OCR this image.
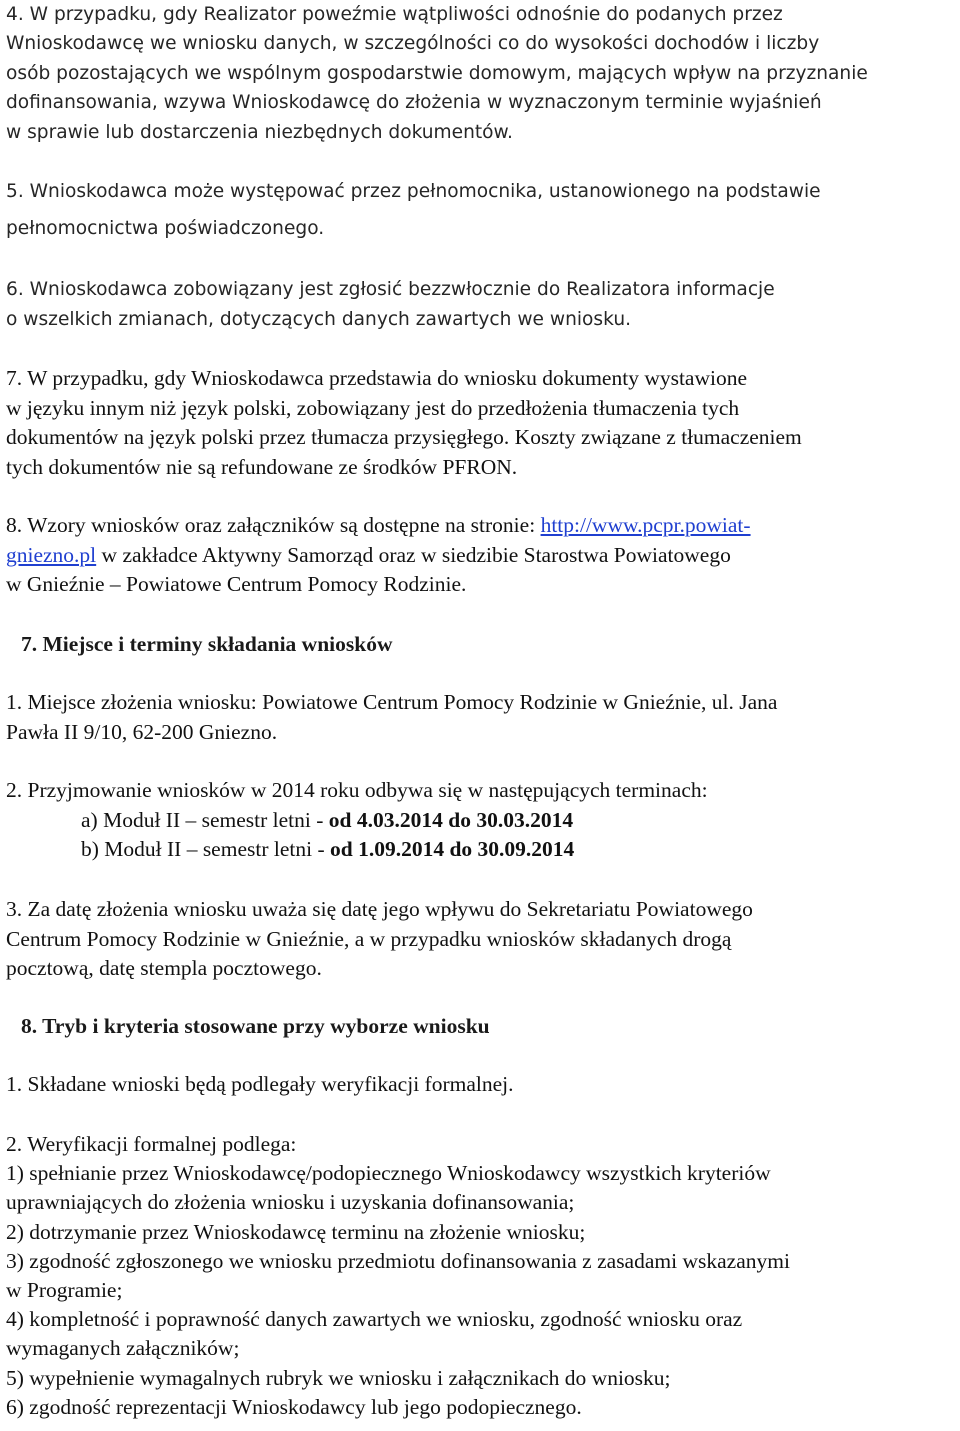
4. W przypadku, gdy Realizator poweźmie wątpliwości odnośnie do podanych przez

Wnioskodawcę we wniosku danych, w szczególności co do wysokości dochodów i liczby

osób pozostających we wspólnym gospodarstwie domowym, mających wpływ na przyznanie

dofinansowania, wzywa Wnioskodawcę do złożenia w wyznaczonym terminie wyjaśnień

w sprawie lub dostarczenia niezbędnych dokumentów.

5. Wnioskodawca może występować przez pełnomocnika, ustanowionego na podstawie

pełnomocnictwa poświadczonego.

6. Wnioskodawca zobowiązany jest zgłosić bezzwłocznie do Realizatora informacje

o wszelkich zmianach, dotyczących danych zawartych we wniosku.

7. W przypadku, gdy Wnioskodawca przedstawia do wniosku dokumenty wystawione

w języku innym niż język polski, zobowiązany jest do przedłożenia tłumaczenia tych

dokumentów na język polski przez tłumacza przysięgłego. Koszty związane z tłumaczeniem

tych dokumentów nie są refundowane ze środków PFRON.

8. Wzory wniosków oraz załączników są dostępne na stronie: http://www.pcpr.powiat-

gniezno.pl w zakładce Aktywny Samorząd oraz w siedzibie Starostwa Powiatowego

w Gnieźnie – Powiatowe Centrum Pomocy Rodzinie.

7. Miejsce i terminy składania wniosków

1. Miejsce złożenia wniosku: Powiatowe Centrum Pomocy Rodzinie w Gnieźnie, ul. Jana

Pawła II 9/10, 62-200 Gniezno.

2. Przyjmowanie wniosków w 2014 roku odbywa się w następujących terminach:

a) Moduł II – semestr letni - od 4.03.2014 do 30.03.2014

b) Moduł II – semestr letni - od 1.09.2014 do 30.09.2014

3. Za datę złożenia wniosku uważa się datę jego wpływu do Sekretariatu Powiatowego

Centrum Pomocy Rodzinie w Gnieźnie, a w przypadku wniosków składanych drogą

pocztową, datę stempla pocztowego.

8. Tryb i kryteria stosowane przy wyborze wniosku
1. Składane wnioski będą podlegały weryfikacji formalnej.

2. Weryfikacji formalnej podlega:

1) spełnianie przez Wnioskodawcę/podopiecznego Wnioskodawcy wszystkich kryteriów

uprawniających do złożenia wniosku i uzyskania dofinansowania;

2) dotrzymanie przez Wnioskodawcę terminu na złożenie wniosku;

3) zgodność zgłoszonego we wniosku przedmiotu dofinansowania z zasadami wskazanymi

w Programie;

4) kompletność i poprawność danych zawartych we wniosku, zgodność wniosku oraz

wymaganych załączników;

5) wypełnienie wymagalnych rubryk we wniosku i załącznikach do wniosku;

6) zgodność reprezentacji Wnioskodawcy lub jego podopiecznego.
